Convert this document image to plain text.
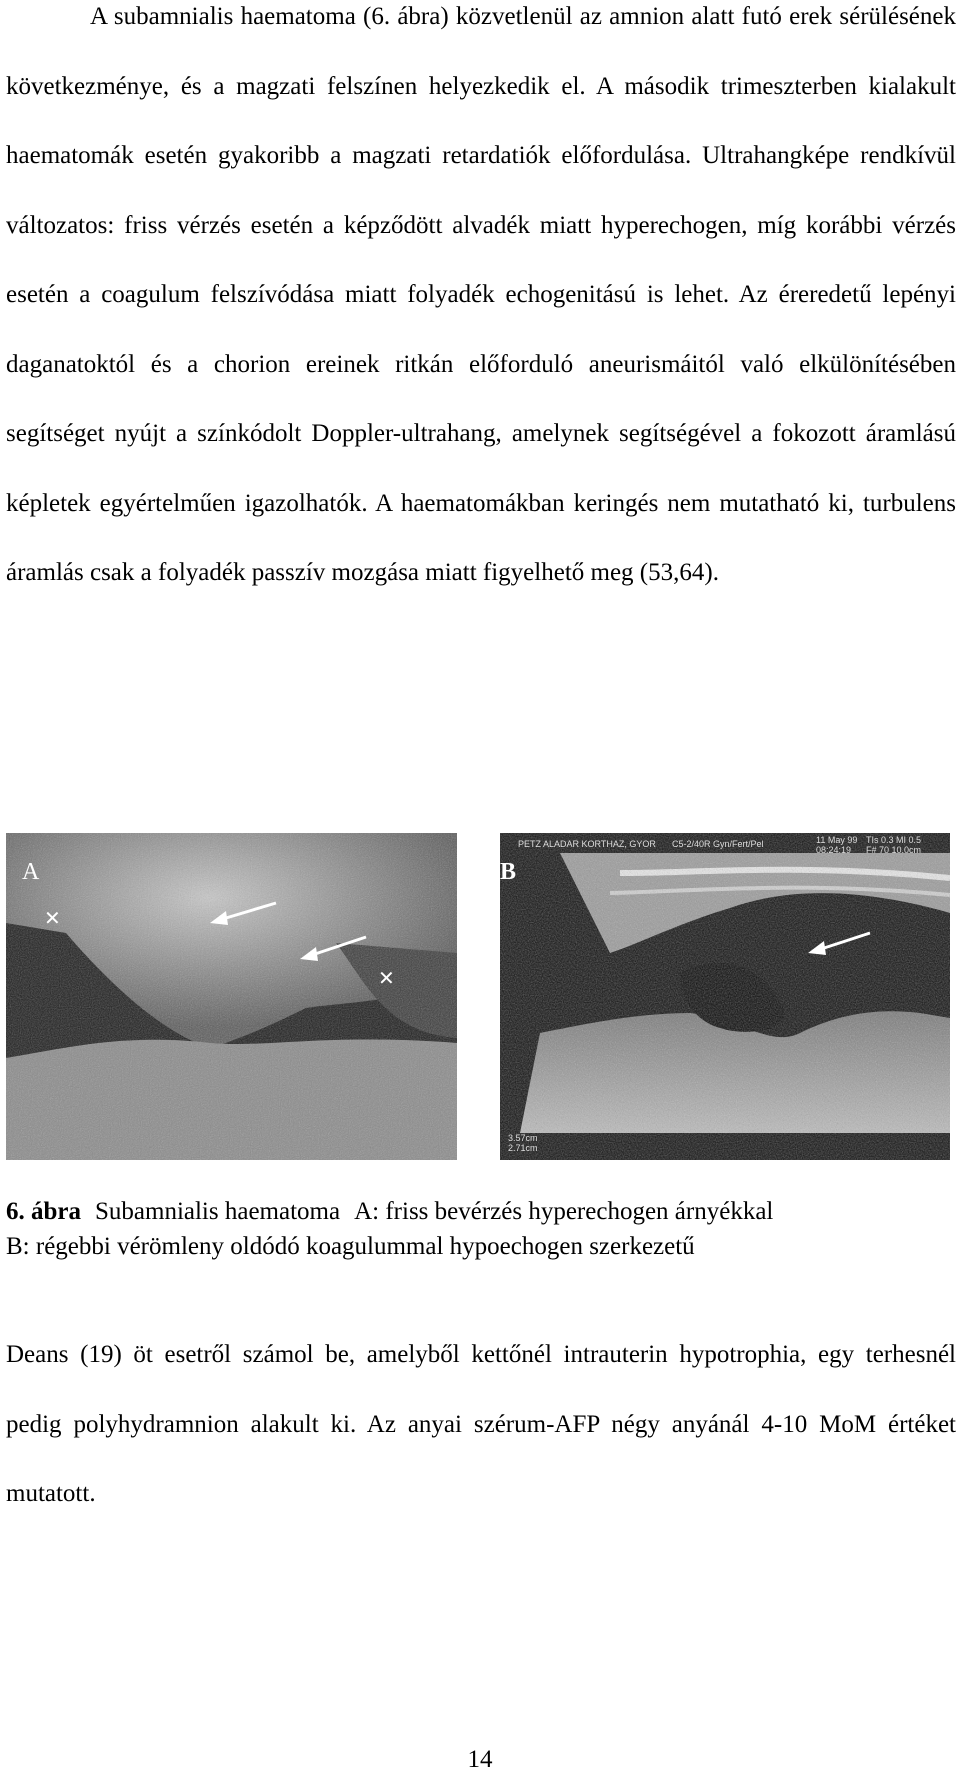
A subamnialis haematoma (6. ábra) közvetlenül az amnion alatt futó erek sérülésének következménye, és a magzati felszínen helyezkedik el. A második trimeszterben kialakult haematomák esetén gyakoribb a magzati retardatiók előfordulása. Ultrahangképe rendkívül változatos: friss vérzés esetén a képződött alvadék miatt hyperechogen, míg korábbi vérzés esetén a coagulum felszívódása miatt folyadék echogenitású is lehet. Az éreredetű lepényi daganatoktól és a chorion ereinek ritkán előforduló aneurismáitól való elkülönítésében segítséget nyújt a színkódolt Doppler-ultrahang, amelynek segítségével a fokozott áramlású képletek egyértelműen igazolhatók. A haematomákban keringés nem mutatható ki, turbulens áramlás csak a folyadék passzív mozgása miatt figyelhető meg (53,64).

✕
✕
A	B
PETZ ALADAR KORTHAZ, GYOR C5-2/40R Gyn/Fert/Pel	11 May 99
08:24:19
TIs 0.3 MI 0.5
F# 70 10.0cm
3.57cm
2.71cm

6. ábra Subamnialis haematoma A: friss bevérzés hyperechogen árnyékkal
B: régebbi vérömleny oldódó koagulummal hypoechogen szerkezetű

Deans (19) öt esetről számol be, amelyből kettőnél intrauterin hypotrophia, egy terhesnél pedig polyhydramnion alakult ki. Az anyai szérum-AFP négy anyánál 4-10 MoM értéket mutatott.

14
